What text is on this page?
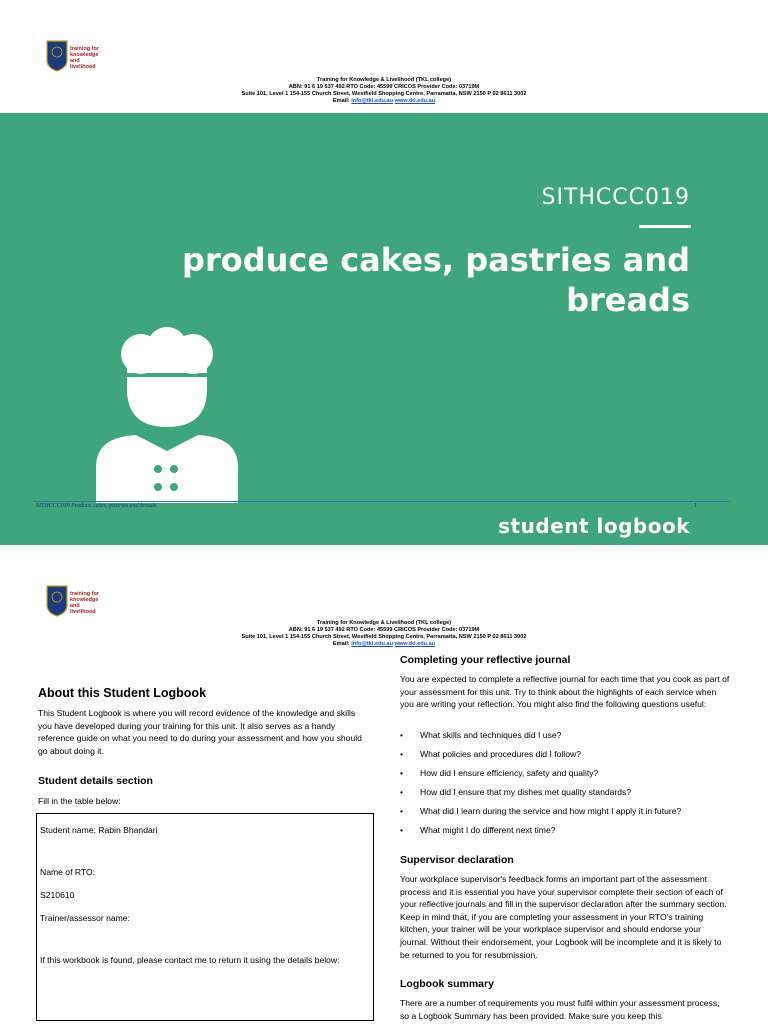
training for
knowledge
and livelihood
Training for Knowledge & Livelihood (TKL college)
ABN: 91 6 19 537 492 RTO Code: 45599 CRICOS Provider Code: 03719M
Suite 101, Level 1 154-155 Church Street, Westfield Shopping Centre, Parramatta, NSW 2150 P 02 8611 3002
Email: info@tkl.edu.au www.tkl.edu.au
SITHCCC019
produce cakes, pastries and breads
SITHCCC019 Produce cakes, pastries and breads	1
student logbook
training for
knowledge
and livelihood
Training for Knowledge & Livelihood (TKL college)
ABN: 91 6 19 537 492 RTO Code: 45599 CRICOS Provider Code: 03719M
Suite 101, Level 1 154-155 Church Street, Westfield Shopping Centre, Parramatta, NSW 2150 P 02 8611 3002
Email: info@tkl.edu.au www.tkl.edu.au
About this Student Logbook
This Student Logbook is where you will record evidence of the knowledge and skills you have developed during your training for this unit. It also serves as a handy reference guide on what you need to do during your assessment and how you should go about doing it.
Student details section
Fill in the table below:
Student name: Rabin Bhandari
Name of RTO:
S210610
Trainer/assessor name:
If this workbook is found, please contact me to return it using the details below:
Completing your reflective journal
You are expected to complete a reflective journal for each time that you cook as part of your assessment for this unit. Try to think about the highlights of each service when you are writing your reflection. You might also find the following questions useful:
• What skills and techniques did I use?
• What policies and procedures did I follow?
• How did I ensure efficiency, safety and quality?
• How did I ensure that my dishes met quality standards?
• What did I learn during the service and how might I apply it in future?
• What might I do different next time?
Supervisor declaration
Your workplace supervisor's feedback forms an important part of the assessment process and it is essential you have your supervisor complete their section of each of your reflective journals and fill in the supervisor declaration after the summary section. Keep in mind that, if you are completing your assessment in your RTO's training kitchen, your trainer will be your workplace supervisor and should endorse your journal. Without their endorsement, your Logbook will be incomplete and it is likely to be returned to you for resubmission.
Logbook summary
There are a number of requirements you must fulfil within your assessment process, so a Logbook Summary has been provided. Make sure you keep this
